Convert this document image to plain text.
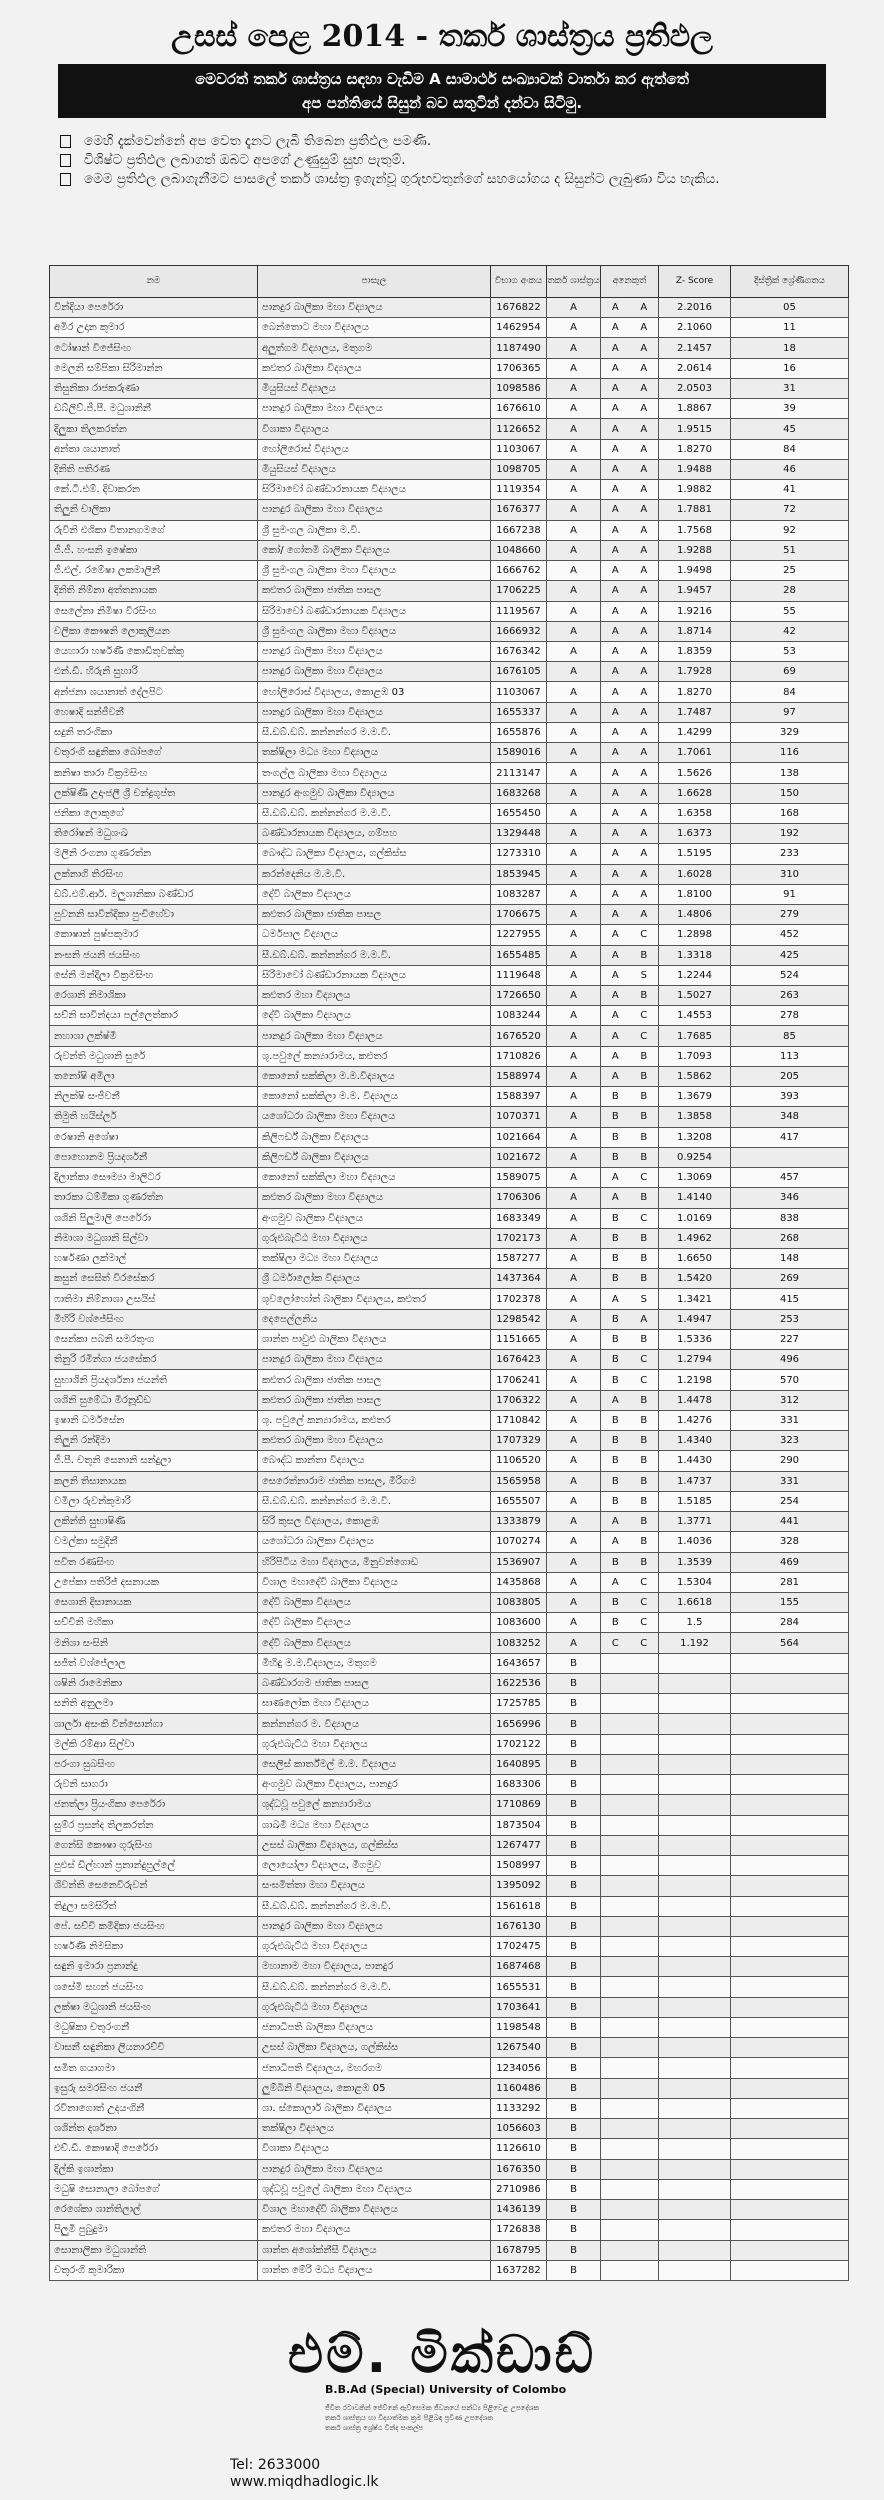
උසස් පෙළ 2014 - තර්ක ශාස්ත්‍රය ප්‍රතිඵල
මෙවරත් තර්ක ශාස්ත්‍රය සඳහා වැඩිම A සාමාර්ථ සංඛ්‍යාවක් වාර්තා කර ඇත්තේ
අප පන්තියේ සිසුන් බව සතුටින් දන්වා සිටිමු.
මෙහි දැක්වෙන්නේ අප වෙත දැනට ලැබී තිබෙන ප්‍රතිඵල පමණි.
විශිෂ්ට ප්‍රතිඵල ලබාගත් ඔබට අපගේ උණුසුම් සුභ පැතුම්.
මෙම ප්‍රතිඵල ලබාගැනීමට පාසලේ තර්ක ශාස්ත්‍ර ඉගැන්වූ ගුරුභවතුන්ගේ සහයෝගය ද සිසුන්ට ලැබුණා විය හැකිය.
නම	පාසැල	විභාග අංකය	තර්ක ශාස්ත්‍රය	අනෙකුත්	Z- Score	දිස්ත්‍රික් ශ්‍රේණිගතය
වින්දියා පෙරේරා	පානදුර බාලිකා මහා විද්‍යාලය	1676822	A	A A	2.2016	05
අමිර උදාන කුමාර	බෙන්තොට මහා විද්‍යාලය	1462954	A	A A	2.1060	11
ටෝෂාන් විජේසිංහ	අලුත්ගම විද්‍යාලය, මතුගම	1187490	A	A A	2.1457	18
මෙලනි සම්පිකා සිරිමාන්න	කළුතර බාලිකා විද්‍යාලය	1706365	A	A A	2.0614	16
තිසුනිකා රාජකරුණා	මියුසියස් විද්‍යාලය	1098586	A	A A	2.0503	31
ඩබ්ලිව්.ජී.පී. මධුශානිනී	පානදුර බාලිකා මහා විද්‍යාලය	1676610	A	A A	1.8867	39
දිලුකා තිලකරත්න	විශාකා විද්‍යාලය	1126652	A	A A	1.9515	45
අන්තා ශයානාත්	හෝලිරොස් විද්‍යාලය	1103067	A	A A	1.8270	84
දිනිති පතිරණ	මියුසියස් විද්‍යාලය	1098705	A	A A	1.9488	46
කේ.ටී.එම්. දිවාකරන	සිරිමාවෝ බණ්ඩාරනායක විද්‍යාලය	1119354	A	A A	1.9882	41
තිලුනි චාලිකා	පානදුර බාලිකා මහා විද්‍යාලය	1676377	A	A A	1.7881	72
රුවිනි එශිකා විතානගමගේ	ශ්‍රී සුමංගල බාලිකා ම.වි.	1667238	A	A A	1.7568	92
ජී.ජී. හංසනි ඉෂේකා	කෝ/ ගෝතමි බාලිකා විද්‍යාලය	1048660	A	A A	1.9288	51
ජී.එල්. රමේෂා ලකමාලිනී	ශ්‍රී සුමංගල බාලිකා මහා විද්‍යාලය	1666762	A	A A	1.9498	25
දිනිති නිම්නා අත්තනායක	කළුතර බාලිකා ජාතික පාසල	1706225	A	A A	1.9457	28
සෙලේනා නිමිෂා විරසිංහ	සිරිමාවෝ බණ්ඩාරනායක විද්‍යාලය	1119567	A	A A	1.9216	55
චලිකා කෞෂනි ලොකුලියන	ශ්‍රී සුමංගල බාලිකා මහා විද්‍යාලය	1666932	A	A A	1.8714	42
යෙහාරා හර්ෂණී කොඩිතුවක්කු	පානදුර බාලිකා මහා විද්‍යාලය	1676342	A	A A	1.8359	53
එන්.ඩී. හිරුනි සුහාරි	පානදුර බාලිකා මහා විද්‍යාලය	1676105	A	A A	1.7928	69
අන්ජනා ශයානාත් දේලපිට	හෝලිරොස් විද්‍යාලය, කොළඹ 03	1103067	A	A A	1.8270	84
හෙෂාදි සන්ජීවනී	පානදුර බාලිකා මහා විද්‍යාලය	1655337	A	A A	1.7487	97
සදුනි තරංගිකා	සී.ඩබ්.ඩබ්. කන්නන්ගර ම.ම.වි.	1655876	A	A A	1.4299	329
චතුරංගි සඳුනිකා බෝපගේ	තක්ෂිලා මධ්‍ය මහා විද්‍යාලය	1589016	A	A A	1.7061	116
කනිෂා තාරා වික්‍රමසිංහ	තංගල්ල බාලිකා මහා විද්‍යාලය	2113147	A	A A	1.5626	138
ලක්ෂිණී උදාංජලී ශ්‍රී චන්ද්‍රගුප්ත	පානදුර අංගමුව බාලිකා විද්‍යාලය	1683268	A	A A	1.6628	150
ජනිකා ලොකුගේ	සී.ඩබ්.ඩබ්. කන්නන්ගර ම.ම.වි.	1655450	A	A A	1.6358	168
තිරෝෂන් මධුශංඛ	බණ්ඩාරනායක විද්‍යාලය, ගම්පහ	1329448	A	A A	1.6373	192
මලිනි රංගනා ගුණරත්න	බෞද්ධ බාලිකා විද්‍යාලය, ගල්කිස්ස	1273310	A	A A	1.5195	233
ලක්නාගි තිරසිංහ	කරන්දෙනිය ම.ම.වි.	1853945	A	A A	1.6028	310
ඩබ්.එම්.ආර්. මලුශානිකා බණ්ඩාර	දේවි බාලිකා විද්‍යාලය	1083287	A	A A	1.8100	91
පුවනනි සාවින්දිකා පුංචිහේවා	කළුතර බාලිකා ජාතික පාසල	1706675	A	A A	1.4806	279
කොෂාන් පුෂ්පකුමාර	ධර්මපාල විද්‍යාලය	1227955	A	A C	1.2898	452
නංසනි ජයනි ජයසිංහ	සී.ඩබ්.ඩබ්. කන්නන්ගර ම.ම.වි.	1655485	A	A B	1.3318	425
සේනි මන්දිලා වික්‍රමසිංහ	සිරිමාවෝ බණ්ඩාරනායක විද්‍යාලය	1119648	A	A S	1.2244	524
රෙශානි නිමාශිකා	කළුතර මහා විද්‍යාලය	1726650	A	A B	1.5027	263
සච්නි සාවින්දයා පල්ලෙත්කාර	දේවි බාලිකා විද්‍යාලය	1083244	A	A C	1.4553	278
නහාශා ලක්ෂ්මී	පානදුර බාලිකා මහා විද්‍යාලය	1676520	A	A C	1.7685	85
රුවන්ති මධුශානි සුරේ	ශු.පවුලේ කන්‍යාරාමය, කළුතර	1710826	A	A B	1.7093	113
තනෝෂි අමිලා	කොනෝ සක්කිලා ම.ම.විද්‍යාලය	1588974	A	A B	1.5862	205
නිලක්ෂි සංජීවනී	කොනෝ සක්කිලා ම.ම. විද්‍යාලය	1588397	A	B B	1.3679	393
තිමුති හයිස්ලර්	යශෝධරා බාලිකා මහා විද්‍යාලය	1070371	A	B B	1.3858	348
රෙෂානි අශේෂා	කිලිෆර්ඩ් බාලිකා විද්‍යාලය	1021664	A	B B	1.3208	417
පොහොනම ප්‍රියදර්ශනී	කිලිෆර්ඩ් බාලිකා විද්‍යාලය	1021672	A	B B	0.9254	
දිලාන්කා සෞම්‍යා මාලිටර	කොනෝ සක්කිලා මහා විද්‍යාලය	1589075	A	A C	1.3069	457
තාරකා ධම්මිකා ගුණරත්න	කළුතර බාලිකා මහා විද්‍යාලය	1706306	A	A B	1.4140	346
ශශිනි පිලුමාලි පෙරේරා	අංගමුව බාලිකා විද්‍යාලය	1683349	A	B C	1.0169	838
නිමාශා මධුශානි සිල්වා	ගුරුළුබැට්ඨ මහා විද්‍යාලය	1702173	A	B B	1.4962	268
හර්ෂණා ලක්මාල්	තක්ෂිලා මධ්‍ය මහා විද්‍යාලය	1587277	A	B B	1.6650	148
කසුන් සෙසිත් විරසේකර	ශ්‍රී ධර්මාලෝක විද්‍යාලය	1437364	A	B B	1.5420	269
ෆාතිමා නිම්නාශා උසයිස්	ශුවලෝහෝත් බාලිකා විද්‍යාලය, කළුතර	1702378	A	A S	1.3421	415
මිහිරි වශ්ජේසිංහ	දෙපෙල්ලනිය	1298542	A	B A	1.4947	253
සෙන්කා පබනි සමරතුංග	ශාන්ත පාවුළු බාලිකා විද්‍යාලය	1151665	A	B B	1.5336	227
තිනුරි රමින්ගා ජයසේකර	පානදුර බාලිකා මහා විද්‍යාලය	1676423	A	B C	1.2794	496
සුභාශිනි ප්‍රියදර්ශනා ජයන්ති	කළුතර බාලිකා ජාතික පාසල	1706241	A	B C	1.2198	570
ශශිනි සුමේධා මිරනූඩ්ඩ	කළුතර බාලිකා ජාතික පාසල	1706322	A	A B	1.4478	312
ඉෂානි ධර්මසේන	ශු. පවුලේ කන්‍යාරාමය, කළුතර	1710842	A	B B	1.4276	331
තිලුනි රන්දිමා	කළුතර බාලිකා මහා විද්‍යාලය	1707329	A	B B	1.4340	323
ජී.පී. චතුනි සෙනානි සන්දුලා	බෞද්ධ කාන්තා විද්‍යාලය	1106520	A	B B	1.4430	290
කලනි තිසානායක	සෙරෙත්නාරාම ජාතික පාසල, මීරිගම	1565958	A	B B	1.4737	331
වමිලා රුවන්කුමාරි	සී.ඩබ්.ඩබ්. කන්නන්ගර ම.ම.වි.	1655507	A	B B	1.5185	254
ලකින්ති සුභාෂිණි	සිරි කුසල විද්‍යාලය, කොළඹ	1333879	A	A B	1.3771	441
වමල්කා සමුදිනී	යශෝධරා බාලිකා විද්‍යාලය	1070274	A	A B	1.4036	328
පවිත රණසිංහ	හිරිපිටිය මහා විද්‍යාලය, මිනුවන්ගොඩ	1536907	A	B B	1.3539	469
උපේකා පතිරිජ් දසනායක	විශාල මහාදේවි බාලිකා විද්‍යාලය	1435868	A	A C	1.5304	281
සෙශානි දිසානායක	දේවි බාලිකා විද්‍යාලය	1083805	A	B C	1.6618	155
සච්චිනි මහිකා	දේවි බාලිකා විද්‍යාලය	1083600	A	B C	1.5	284
මනිශා සංසිනි	දේවි බාලිකා විද්‍යාලය	1083252	A	C C	1.192	564
සජිත් වශ්ජේලාල	මිහිඳු ම.ම.විද්‍යාලය, මතුගම	1643657	B			
ශෂිනි රාමෙනිකා	බණ්ඩාරගම ජාතික පාසල	1622536	B			
සනිති අනුලමා	ඝාණලෝක මහා විද්‍යාලය	1725785	B			
ශාර්ලා අසංකි වින්සොන්ගා	කන්නන්ගර ම. විද්‍යාලය	1656996	B			
මල්කි රම්ආා සිල්වා	ගුරුළුබැට්ඨ මහා විද්‍යාලය	1702122	B			
පරංගා සුබසිංහ	සෙලිස් කාර්ත්මල් ම.ම. විද්‍යාලය	1640895	B			
රුවනි සාගරා	අංගමුව බාලිකා විද්‍යාලය, පානදුර	1683306	B			
ජනත්ලා ප්‍රියංගිකා පෙරේරා	ශුද්ධවූ පවුලේ කන්‍යාරාමය	1710869	B			
සුම්ර ප්‍රසන්ද තිලකරත්න	ශාඛමී මධ්‍ය මහා විද්‍යාලය	1873504	B			
ගෙන්සි කෞෂා ගුරුසිංහ	උසස් බාලිකා විද්‍යාලය, ගල්කිස්ස	1267477	B			
පුළුස් ඩිල්හාන් ප්‍රනාන්දුපුල්ලේ	ලොයෝලා විද්‍යාලය, මීගමුව	1508997	B			
ශිවන්ති සෙනෙවිරුවන්	සංඝමිත්තා මහා විද්‍යාලය	1395092	B			
තිදුලා සමසිරිත්	සී.ඩබ්.ඩබ්. කන්නන්ගර ම.ම.වි.	1561618	B			
පේ. සච්චි කමිදිකා ජයසිංහ	පානදුර බාලිකා මහා විද්‍යාලය	1676130	B			
හර්ෂණි නිමසිකා	ගුරුළුබැට්ඨ මහා විද්‍යාලය	1702475	B			
සඳුනි ඉමාරා ප්‍රනාන්දු	මහානාම මහා විද්‍යාලය, පානදුර	1687468	B			
ශසේමි සහන් ජයසිංහ	සී.ඩබ්.ඩබ්. කන්නන්ගර ම.ම.වි.	1655531	B			
ලක්ෂා මධුශානි ජයසිංහ	ගුරුළුබැට්ඨ මහා විද්‍යාලය	1703641	B			
මධුෂිකා චතුරංගනී	ජනාධිපති බාලිකා විද්‍යාලය	1198548	B			
වාසනී සඳුනිකා ලියනාරච්චි	උසස් බාලිකා විද්‍යාලය, ගල්කිස්ස	1267540	B			
සමිත ගයාගමා	ජනාධිපති විද්‍යාලය, මහරගම	1234056	B			
ඉසුරු සමරසිංහ ජයනී	ලුම්බිනි විද්‍යාලය, කොළඹ 05	1160486	B			
රවිනාගොත් උදයංගිනී	ශා. ස්කොලාර් බාලිකා විද්‍යාලය	1133292	B			
ශශින්ත දර්ශනා	තක්ෂිලා විද්‍යාලය	1056603	B			
එච්.ඩී. කෞෂාදි පෙරේරා	විශාකා විද්‍යාලය	1126610	B			
දිල්කි ඉශාන්කා	පානදුර බාලිකා මහා විද්‍යාලය	1676350	B			
මධුෂි සොනාලා බෝපගේ	ශුද්ධවූ පවුලේ බාලිකා මහා විද්‍යාලය	2710986	B			
රෙශේකා ශාන්තිලාල්	විශාල මහාදේවි බාලිකා විද්‍යාලය	1436139	B			
පිලුමි පුබුදුමා	කළුතර මහා විද්‍යාලය	1726838	B			
සොනාලිකා මධුශාන්ති	ශාන්ත අශෝක්නීසී විද්‍යාලය	1678795	B			
චතුරංගි කුමාරිකා	ශාන්ත මේරි මධ්‍ය විද්‍යාලය	1637282	B			
එම්. මික්ඩාඩ්
B.B.Ad (Special) University of Colombo
ජීවිත රටාවකින් ජේව්නේ ඇව්සෙමක ජීවනයේ සන්ධ්‍ය පිළිවෙළ උපදේශක
තර්ක ශාස්ත්‍රය හා විද්‍යාත්මක ක්‍රම පිළිබඳ ප්‍රවීණ උපදේශක
තර්ක ශාස්ත්‍ර ශ්‍රේෂ්ඨ වින්ද සංකල්ප
Tel: 2633000
www.miqdhadlogic.lk
